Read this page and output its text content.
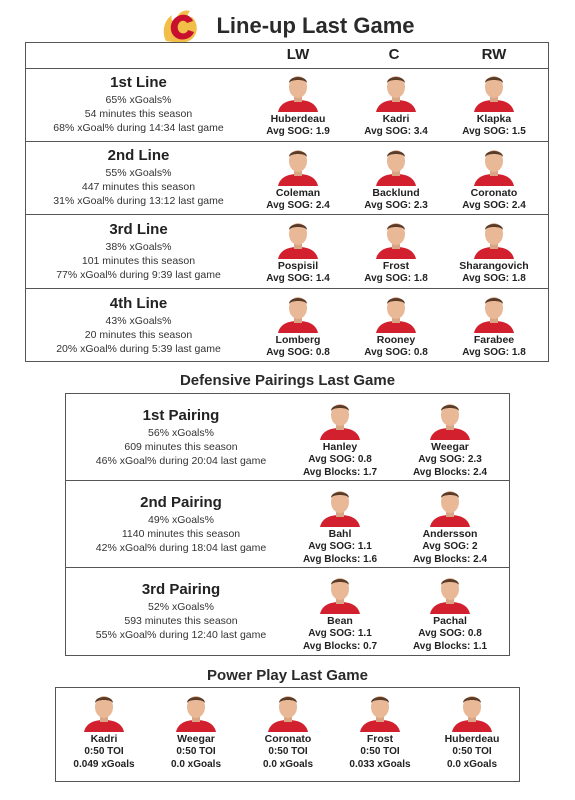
Line-up Last Game
LW	C	RW
1st Line
65% xGoals%
54 minutes this season
68% xGoal% during 14:34 last game
Huberdeau
Avg SOG: 1.9
Kadri
Avg SOG: 3.4
Klapka
Avg SOG: 1.5
2nd Line
55% xGoals%
447 minutes this season
31% xGoal% during 13:12 last game
Coleman
Avg SOG: 2.4
Backlund
Avg SOG: 2.3
Coronato
Avg SOG: 2.4
3rd Line
38% xGoals%
101 minutes this season
77% xGoal% during 9:39 last game
Pospisil
Avg SOG: 1.4
Frost
Avg SOG: 1.8
Sharangovich
Avg SOG: 1.8
4th Line
43% xGoals%
20 minutes this season
20% xGoal% during 5:39 last game
Lomberg
Avg SOG: 0.8
Rooney
Avg SOG: 0.8
Farabee
Avg SOG: 1.8
Defensive Pairings Last Game
1st Pairing
56% xGoals%
609 minutes this season
46% xGoal% during 20:04 last game
Hanley
Avg SOG: 0.8
Avg Blocks: 1.7
Weegar
Avg SOG: 2.3
Avg Blocks: 2.4
2nd Pairing
49% xGoals%
1140 minutes this season
42% xGoal% during 18:04 last game
Bahl
Avg SOG: 1.1
Avg Blocks: 1.6
Andersson
Avg SOG: 2
Avg Blocks: 2.4
3rd Pairing
52% xGoals%
593 minutes this season
55% xGoal% during 12:40 last game
Bean
Avg SOG: 1.1
Avg Blocks: 0.7
Pachal
Avg SOG: 0.8
Avg Blocks: 1.1
Power Play Last Game
Kadri
0:50 TOI
0.049 xGoals
Weegar
0:50 TOI
0.0 xGoals
Coronato
0:50 TOI
0.0 xGoals
Frost
0:50 TOI
0.033 xGoals
Huberdeau
0:50 TOI
0.0 xGoals
